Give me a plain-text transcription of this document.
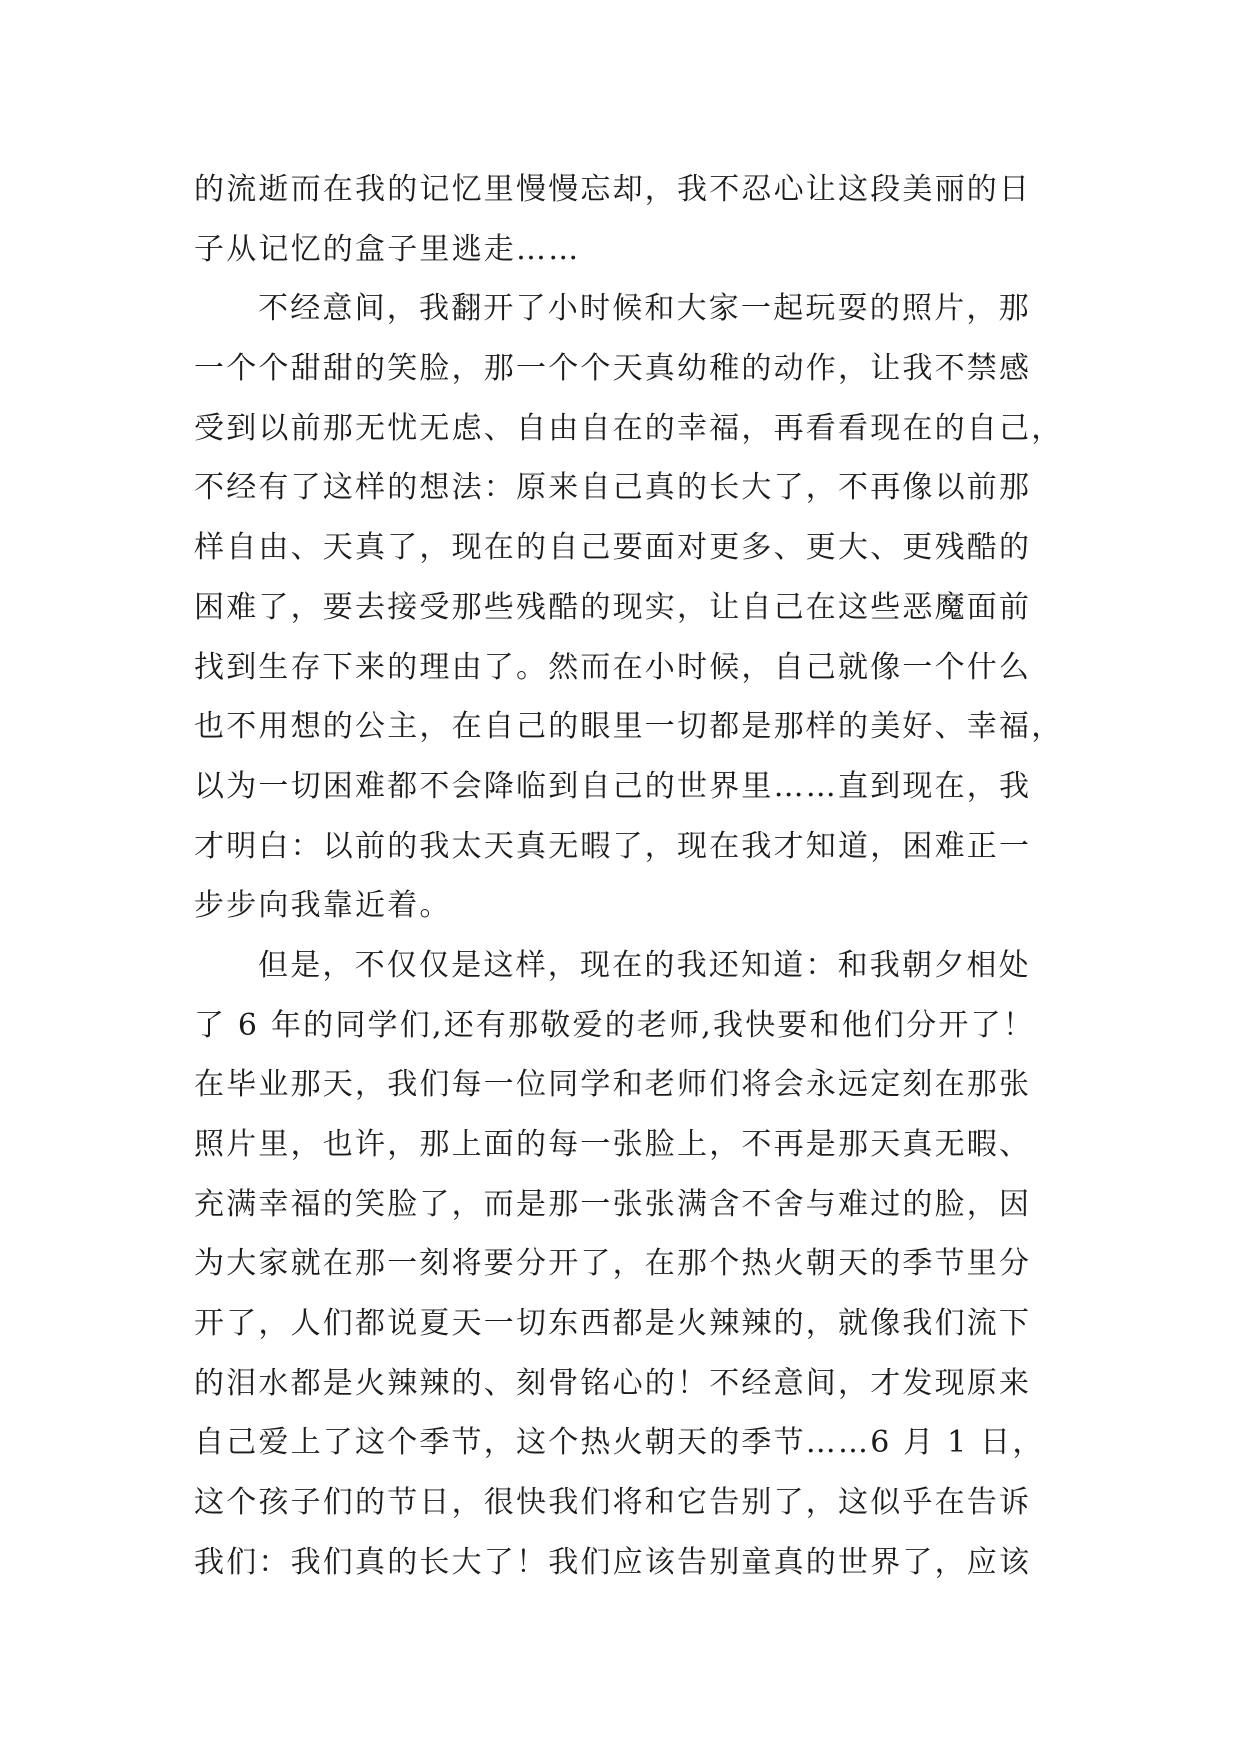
的流逝而在我的记忆里慢慢忘却，我不忍心让这段美丽的日
子从记忆的盒子里逃走……
不经意间，我翻开了小时候和大家一起玩耍的照片，那
一个个甜甜的笑脸，那一个个天真幼稚的动作，让我不禁感
受到以前那无忧无虑、自由自在的幸福，再看看现在的自己，
不经有了这样的想法：原来自己真的长大了，不再像以前那
样自由、天真了，现在的自己要面对更多、更大、更残酷的
困难了，要去接受那些残酷的现实，让自己在这些恶魔面前
找到生存下来的理由了。然而在小时候，自己就像一个什么
也不用想的公主，在自己的眼里一切都是那样的美好、幸福，
以为一切困难都不会降临到自己的世界里……直到现在，我
才明白：以前的我太天真无暇了，现在我才知道，困难正一
步步向我靠近着。
但是，不仅仅是这样，现在的我还知道：和我朝夕相处
了 6 年的同学们,还有那敬爱的老师,我快要和他们分开了！
在毕业那天，我们每一位同学和老师们将会永远定刻在那张
照片里，也许，那上面的每一张脸上，不再是那天真无暇、
充满幸福的笑脸了，而是那一张张满含不舍与难过的脸，因
为大家就在那一刻将要分开了，在那个热火朝天的季节里分
开了，人们都说夏天一切东西都是火辣辣的，就像我们流下
的泪水都是火辣辣的、刻骨铭心的！不经意间，才发现原来
自己爱上了这个季节，这个热火朝天的季节……6 月 1 日，
这个孩子们的节日，很快我们将和它告别了，这似乎在告诉
我们：我们真的长大了！我们应该告别童真的世界了，应该
